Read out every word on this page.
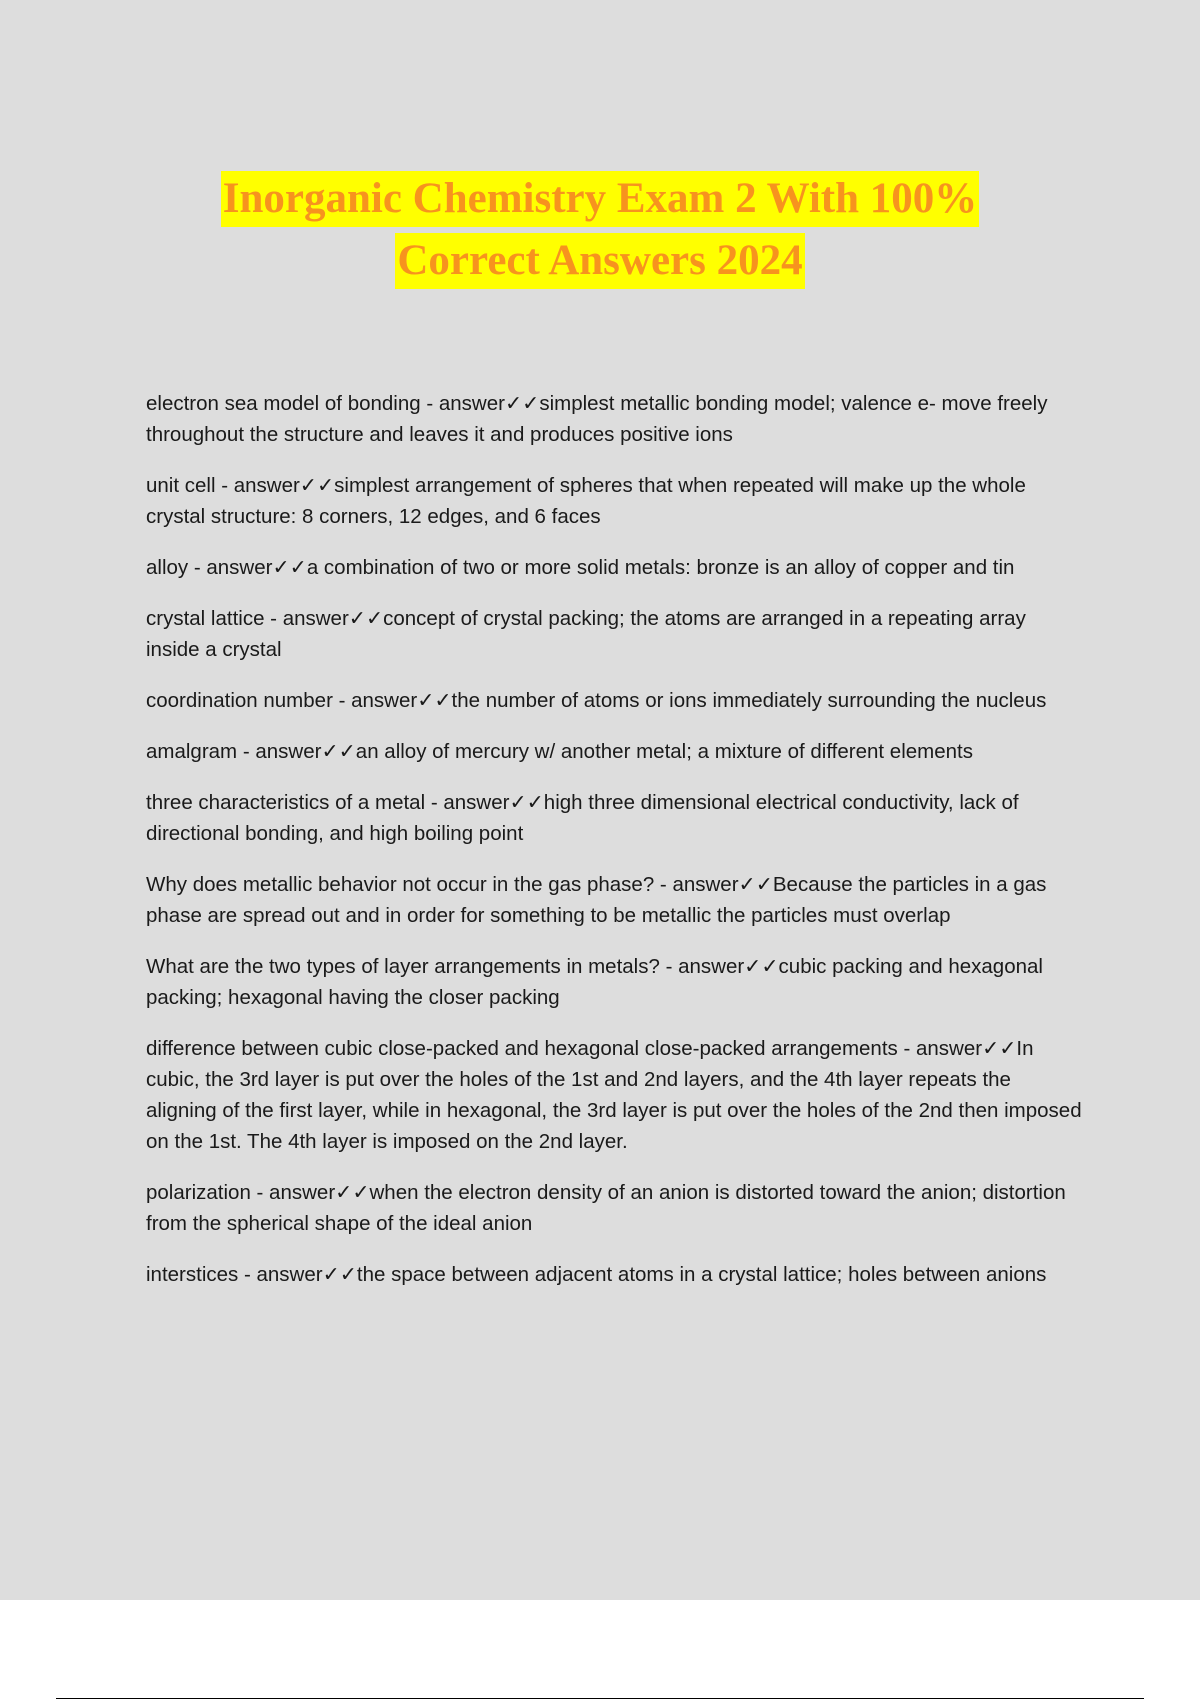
Inorganic Chemistry Exam 2 With 100%
Correct Answers 2024
electron sea model of bonding - answer✓✓simplest metallic bonding model; valence e- move freely throughout the structure and leaves it and produces positive ions
unit cell - answer✓✓simplest arrangement of spheres that when repeated will make up the whole crystal structure: 8 corners, 12 edges, and 6 faces
alloy - answer✓✓a combination of two or more solid metals: bronze is an alloy of copper and tin
crystal lattice - answer✓✓concept of crystal packing; the atoms are arranged in a repeating array inside a crystal
coordination number - answer✓✓the number of atoms or ions immediately surrounding the nucleus
amalgram - answer✓✓an alloy of mercury w/ another metal; a mixture of different elements
three characteristics of a metal - answer✓✓high three dimensional electrical conductivity, lack of directional bonding, and high boiling point
Why does metallic behavior not occur in the gas phase? - answer✓✓Because the particles in a gas phase are spread out and in order for something to be metallic the particles must overlap
What are the two types of layer arrangements in metals? - answer✓✓cubic packing and hexagonal packing; hexagonal having the closer packing
difference between cubic close-packed and hexagonal close-packed arrangements - answer✓✓In cubic, the 3rd layer is put over the holes of the 1st and 2nd layers, and the 4th layer repeats the aligning of the first layer, while in hexagonal, the 3rd layer is put over the holes of the 2nd then imposed on the 1st. The 4th layer is imposed on the 2nd layer.
polarization - answer✓✓when the electron density of an anion is distorted toward the anion; distortion from the spherical shape of the ideal anion
interstices - answer✓✓the space between adjacent atoms in a crystal lattice; holes between anions
